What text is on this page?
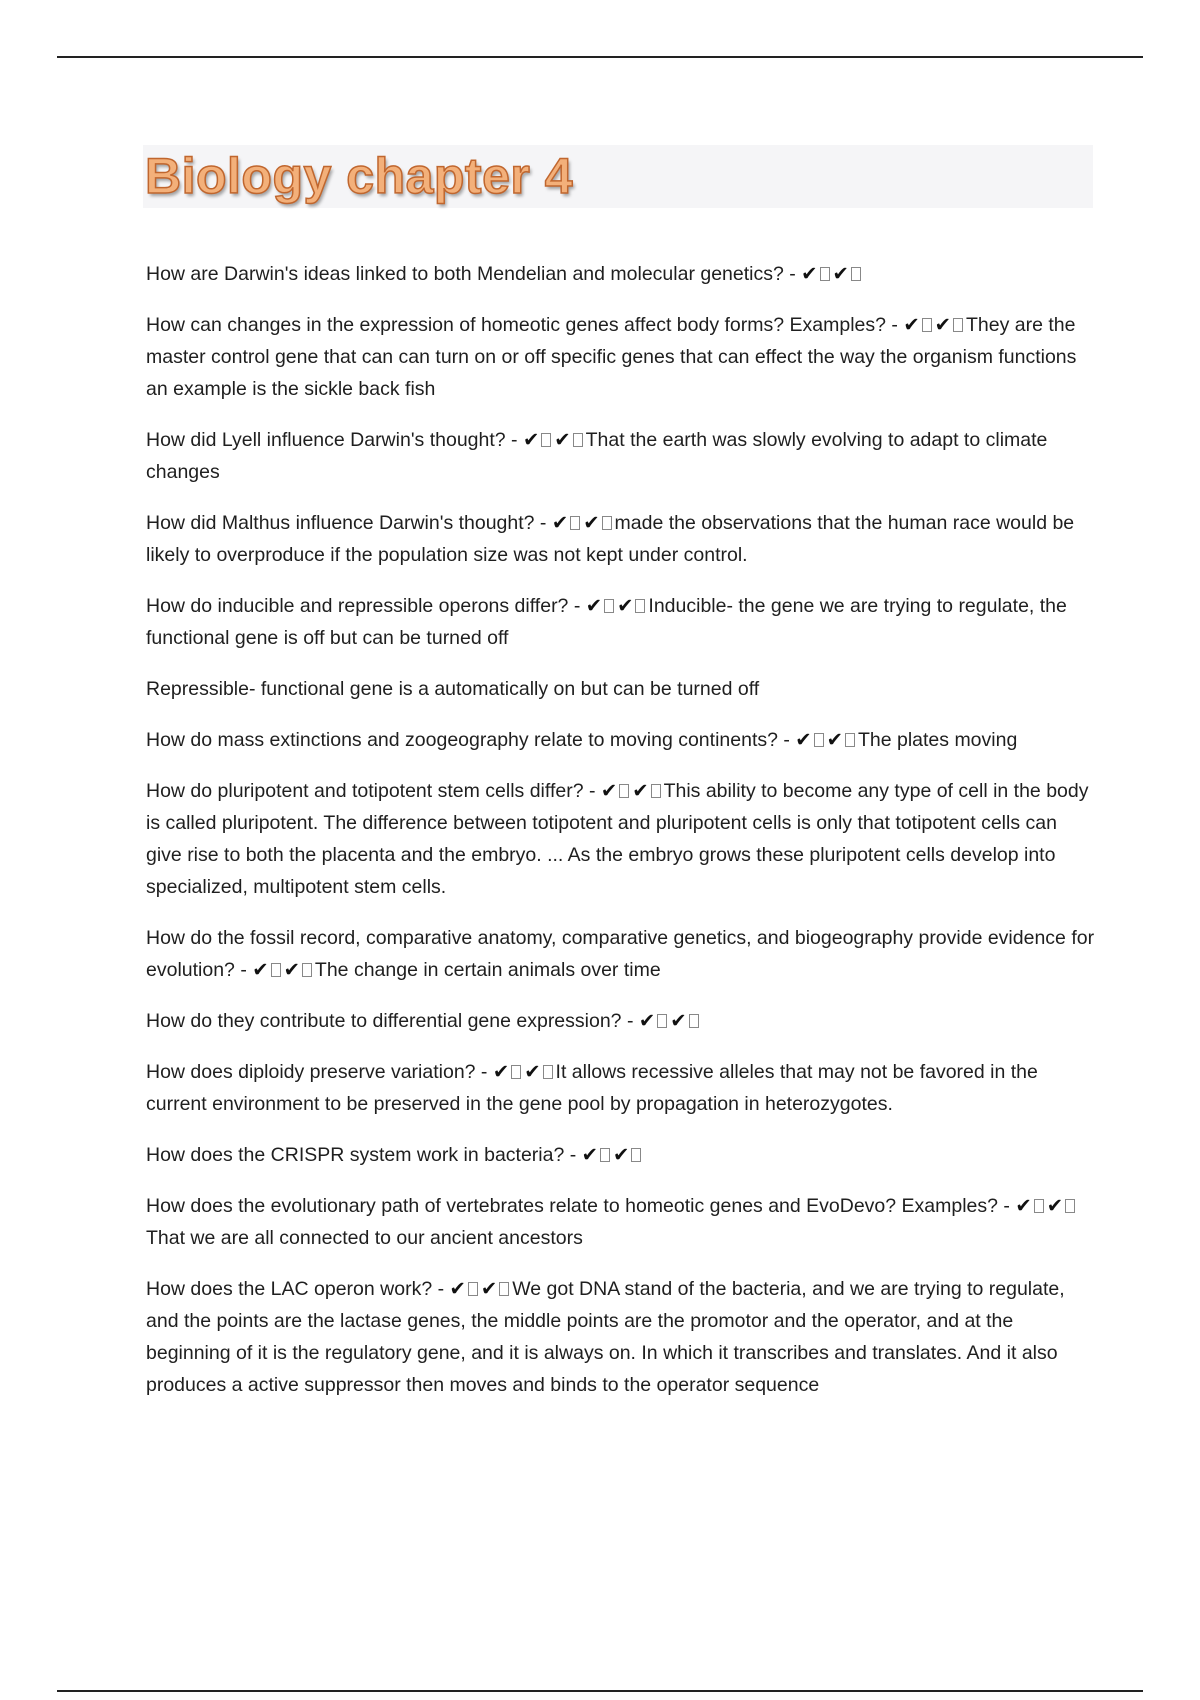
Biology chapter 4

How are Darwin's ideas linked to both Mendelian and molecular genetics? - ✔ ✔

How can changes in the expression of homeotic genes affect body forms? Examples? - ✔ ✔ They are the master control gene that can can turn on or off specific genes that can effect the way the organism functions an example is the sickle back fish

How did Lyell influence Darwin's thought? - ✔ ✔ That the earth was slowly evolving to adapt to climate changes

How did Malthus influence Darwin's thought? - ✔ ✔ made the observations that the human race would be likely to overproduce if the population size was not kept under control.

How do inducible and repressible operons differ? - ✔ ✔ Inducible- the gene we are trying to regulate, the functional gene is off but can be turned off

Repressible- functional gene is a automatically on but can be turned off

How do mass extinctions and zoogeography relate to moving continents? - ✔ ✔ The plates moving

How do pluripotent and totipotent stem cells differ? - ✔ ✔ This ability to become any type of cell in the body is called pluripotent. The difference between totipotent and pluripotent cells is only that totipotent cells can give rise to both the placenta and the embryo. ... As the embryo grows these pluripotent cells develop into specialized, multipotent stem cells.

How do the fossil record, comparative anatomy, comparative genetics, and biogeography provide evidence for evolution? - ✔ ✔ The change in certain animals over time

How do they contribute to differential gene expression? - ✔ ✔

How does diploidy preserve variation? - ✔ ✔ It allows recessive alleles that may not be favored in the current environment to be preserved in the gene pool by propagation in heterozygotes.

How does the CRISPR system work in bacteria? - ✔ ✔

How does the evolutionary path of vertebrates relate to homeotic genes and EvoDevo? Examples? - ✔ ✔That we are all connected to our ancient ancestors

How does the LAC operon work? - ✔ ✔ We got DNA stand of the bacteria, and we are trying to regulate, and the points are the lactase genes, the middle points are the promotor and the operator, and at the beginning of it is the regulatory gene, and it is always on. In which it transcribes and translates. And it also produces a active suppressor then moves and binds to the operator sequence
